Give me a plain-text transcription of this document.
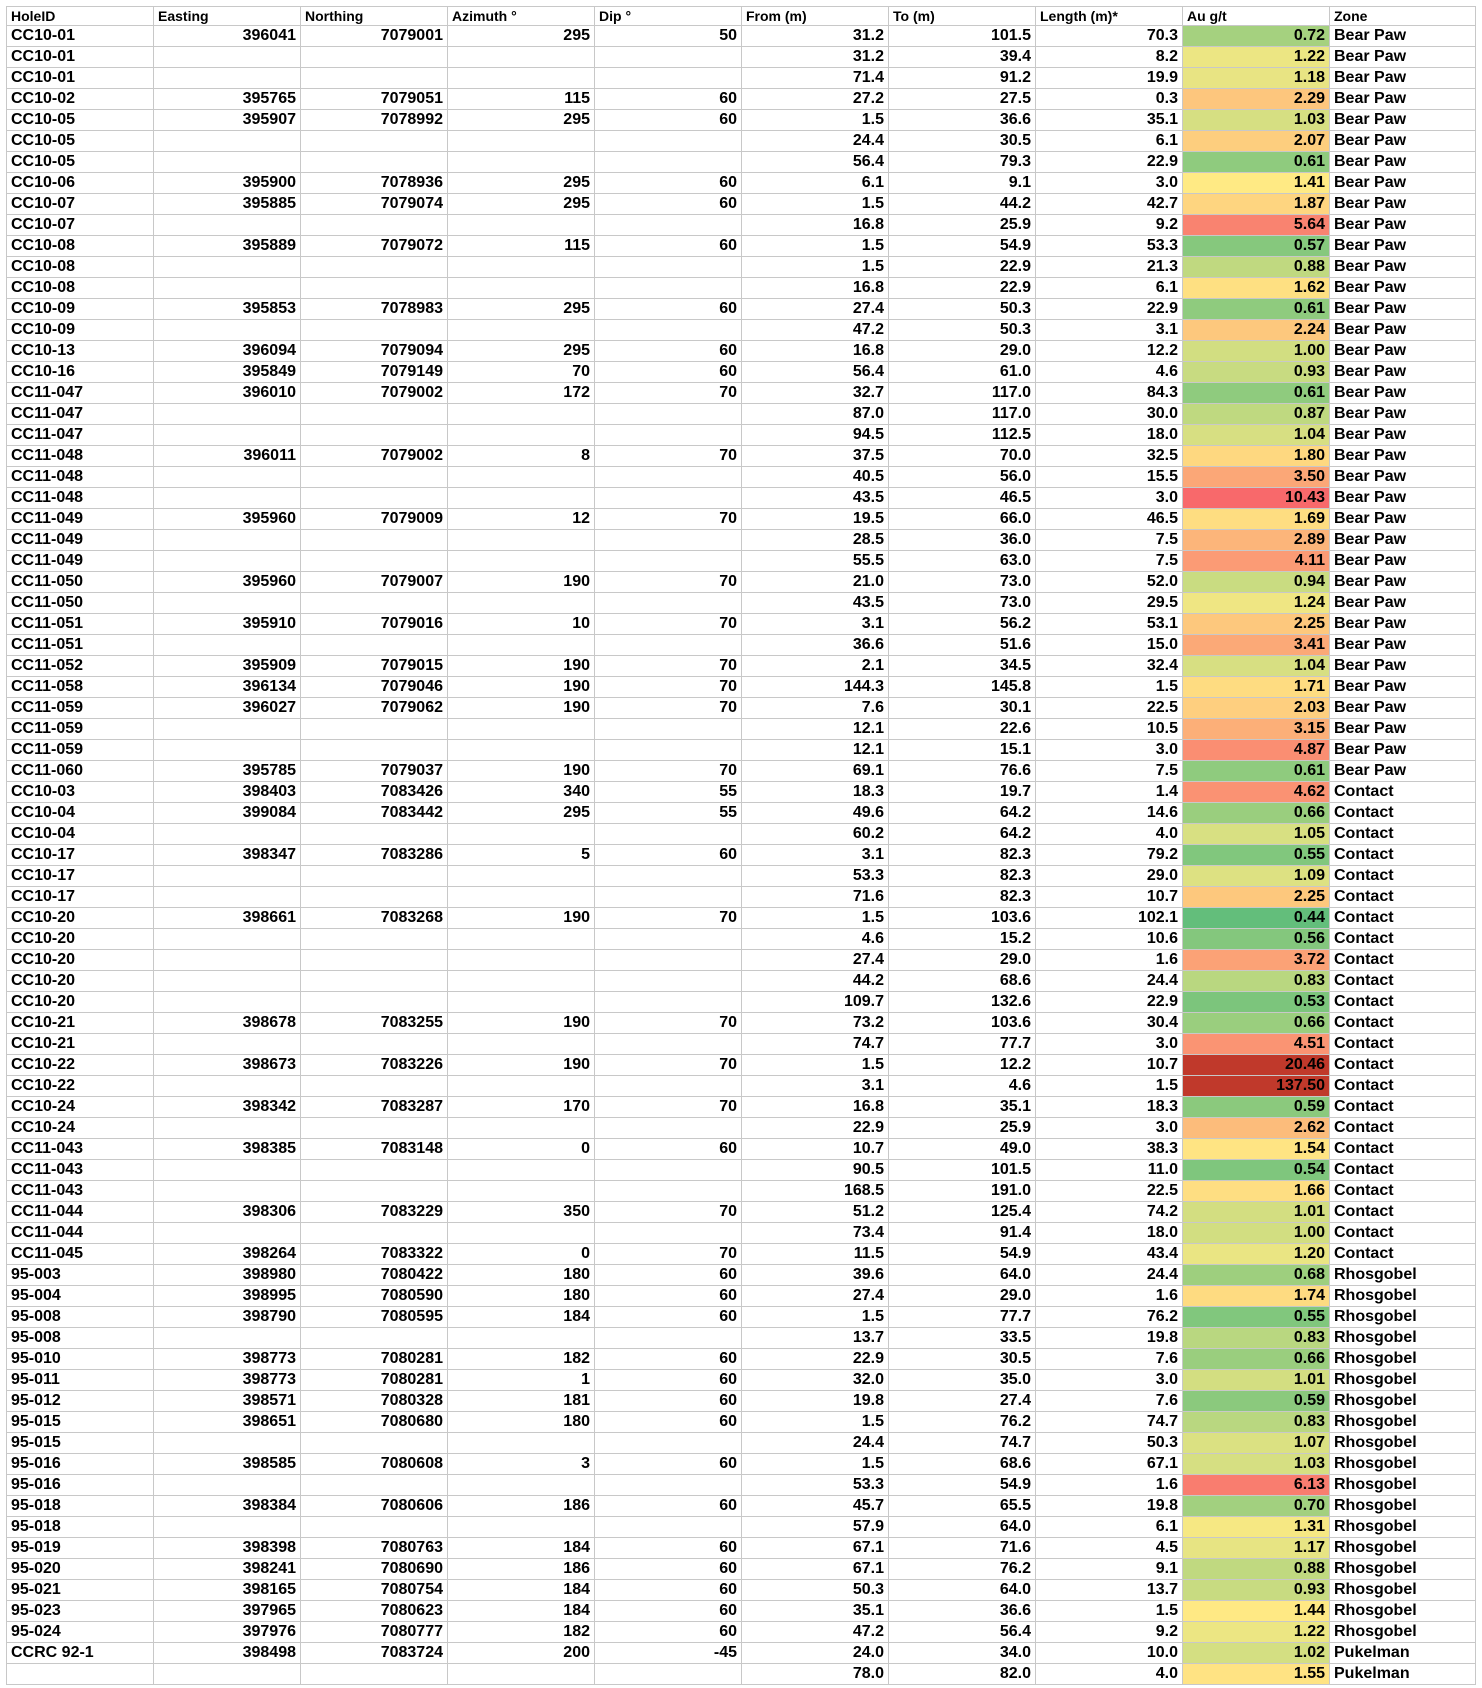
HoleID	Easting	Northing	Azimuth °	Dip °	From (m)	To (m)	Length (m)*	Au g/t	Zone
CC10-01	396041	7079001	295	50	31.2	101.5	70.3	0.72	Bear Paw
CC10-01					31.2	39.4	8.2	1.22	Bear Paw
CC10-01					71.4	91.2	19.9	1.18	Bear Paw
CC10-02	395765	7079051	115	60	27.2	27.5	0.3	2.29	Bear Paw
CC10-05	395907	7078992	295	60	1.5	36.6	35.1	1.03	Bear Paw
CC10-05					24.4	30.5	6.1	2.07	Bear Paw
CC10-05					56.4	79.3	22.9	0.61	Bear Paw
CC10-06	395900	7078936	295	60	6.1	9.1	3.0	1.41	Bear Paw
CC10-07	395885	7079074	295	60	1.5	44.2	42.7	1.87	Bear Paw
CC10-07					16.8	25.9	9.2	5.64	Bear Paw
CC10-08	395889	7079072	115	60	1.5	54.9	53.3	0.57	Bear Paw
CC10-08					1.5	22.9	21.3	0.88	Bear Paw
CC10-08					16.8	22.9	6.1	1.62	Bear Paw
CC10-09	395853	7078983	295	60	27.4	50.3	22.9	0.61	Bear Paw
CC10-09					47.2	50.3	3.1	2.24	Bear Paw
CC10-13	396094	7079094	295	60	16.8	29.0	12.2	1.00	Bear Paw
CC10-16	395849	7079149	70	60	56.4	61.0	4.6	0.93	Bear Paw
CC11-047	396010	7079002	172	70	32.7	117.0	84.3	0.61	Bear Paw
CC11-047					87.0	117.0	30.0	0.87	Bear Paw
CC11-047					94.5	112.5	18.0	1.04	Bear Paw
CC11-048	396011	7079002	8	70	37.5	70.0	32.5	1.80	Bear Paw
CC11-048					40.5	56.0	15.5	3.50	Bear Paw
CC11-048					43.5	46.5	3.0	10.43	Bear Paw
CC11-049	395960	7079009	12	70	19.5	66.0	46.5	1.69	Bear Paw
CC11-049					28.5	36.0	7.5	2.89	Bear Paw
CC11-049					55.5	63.0	7.5	4.11	Bear Paw
CC11-050	395960	7079007	190	70	21.0	73.0	52.0	0.94	Bear Paw
CC11-050					43.5	73.0	29.5	1.24	Bear Paw
CC11-051	395910	7079016	10	70	3.1	56.2	53.1	2.25	Bear Paw
CC11-051					36.6	51.6	15.0	3.41	Bear Paw
CC11-052	395909	7079015	190	70	2.1	34.5	32.4	1.04	Bear Paw
CC11-058	396134	7079046	190	70	144.3	145.8	1.5	1.71	Bear Paw
CC11-059	396027	7079062	190	70	7.6	30.1	22.5	2.03	Bear Paw
CC11-059					12.1	22.6	10.5	3.15	Bear Paw
CC11-059					12.1	15.1	3.0	4.87	Bear Paw
CC11-060	395785	7079037	190	70	69.1	76.6	7.5	0.61	Bear Paw
CC10-03	398403	7083426	340	55	18.3	19.7	1.4	4.62	Contact
CC10-04	399084	7083442	295	55	49.6	64.2	14.6	0.66	Contact
CC10-04					60.2	64.2	4.0	1.05	Contact
CC10-17	398347	7083286	5	60	3.1	82.3	79.2	0.55	Contact
CC10-17					53.3	82.3	29.0	1.09	Contact
CC10-17					71.6	82.3	10.7	2.25	Contact
CC10-20	398661	7083268	190	70	1.5	103.6	102.1	0.44	Contact
CC10-20					4.6	15.2	10.6	0.56	Contact
CC10-20					27.4	29.0	1.6	3.72	Contact
CC10-20					44.2	68.6	24.4	0.83	Contact
CC10-20					109.7	132.6	22.9	0.53	Contact
CC10-21	398678	7083255	190	70	73.2	103.6	30.4	0.66	Contact
CC10-21					74.7	77.7	3.0	4.51	Contact
CC10-22	398673	7083226	190	70	1.5	12.2	10.7	20.46	Contact
CC10-22					3.1	4.6	1.5	137.50	Contact
CC10-24	398342	7083287	170	70	16.8	35.1	18.3	0.59	Contact
CC10-24					22.9	25.9	3.0	2.62	Contact
CC11-043	398385	7083148	0	60	10.7	49.0	38.3	1.54	Contact
CC11-043					90.5	101.5	11.0	0.54	Contact
CC11-043					168.5	191.0	22.5	1.66	Contact
CC11-044	398306	7083229	350	70	51.2	125.4	74.2	1.01	Contact
CC11-044					73.4	91.4	18.0	1.00	Contact
CC11-045	398264	7083322	0	70	11.5	54.9	43.4	1.20	Contact
95-003	398980	7080422	180	60	39.6	64.0	24.4	0.68	Rhosgobel
95-004	398995	7080590	180	60	27.4	29.0	1.6	1.74	Rhosgobel
95-008	398790	7080595	184	60	1.5	77.7	76.2	0.55	Rhosgobel
95-008					13.7	33.5	19.8	0.83	Rhosgobel
95-010	398773	7080281	182	60	22.9	30.5	7.6	0.66	Rhosgobel
95-011	398773	7080281	1	60	32.0	35.0	3.0	1.01	Rhosgobel
95-012	398571	7080328	181	60	19.8	27.4	7.6	0.59	Rhosgobel
95-015	398651	7080680	180	60	1.5	76.2	74.7	0.83	Rhosgobel
95-015					24.4	74.7	50.3	1.07	Rhosgobel
95-016	398585	7080608	3	60	1.5	68.6	67.1	1.03	Rhosgobel
95-016					53.3	54.9	1.6	6.13	Rhosgobel
95-018	398384	7080606	186	60	45.7	65.5	19.8	0.70	Rhosgobel
95-018					57.9	64.0	6.1	1.31	Rhosgobel
95-019	398398	7080763	184	60	67.1	71.6	4.5	1.17	Rhosgobel
95-020	398241	7080690	186	60	67.1	76.2	9.1	0.88	Rhosgobel
95-021	398165	7080754	184	60	50.3	64.0	13.7	0.93	Rhosgobel
95-023	397965	7080623	184	60	35.1	36.6	1.5	1.44	Rhosgobel
95-024	397976	7080777	182	60	47.2	56.4	9.2	1.22	Rhosgobel
CCRC 92-1	398498	7083724	200	-45	24.0	34.0	10.0	1.02	Pukelman
					78.0	82.0	4.0	1.55	Pukelman
